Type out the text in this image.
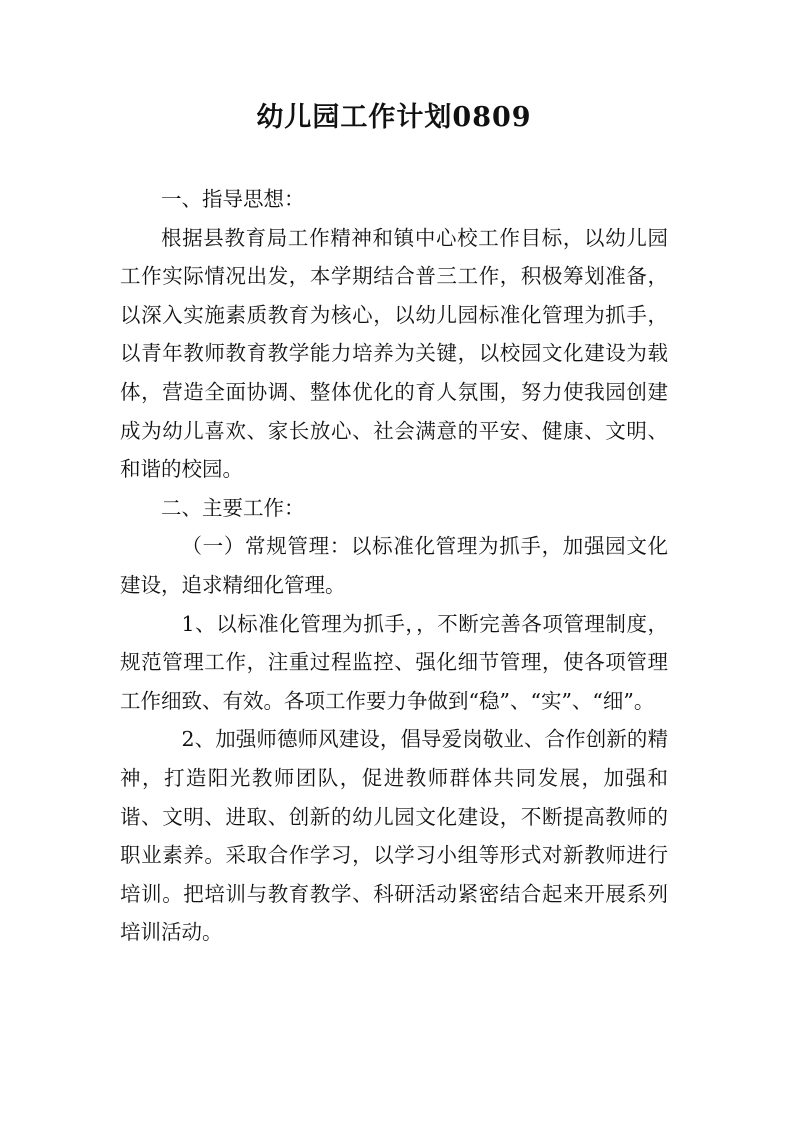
幼儿园工作计划0809

一、指导思想：

根据县教育局工作精神和镇中心校工作目标，以幼儿园工作实际情况出发，本学期结合普三工作，积极筹划准备，以深入实施素质教育为核心，以幼儿园标准化管理为抓手，以青年教师教育教学能力培养为关键，以校园文化建设为载体，营造全面协调、整体优化的育人氛围，努力使我园创建成为幼儿喜欢、家长放心、社会满意的平安、健康、文明、和谐的校园。

二、主要工作：

（一）常规管理：以标准化管理为抓手，加强园文化建设，追求精细化管理。

1、以标准化管理为抓手，，不断完善各项管理制度，规范管理工作，注重过程监控、强化细节管理，使各项管理工作细致、有效。各项工作要力争做到“稳”、“实”、“细”。

2、加强师德师风建设，倡导爱岗敬业、合作创新的精神，打造阳光教师团队，促进教师群体共同发展，加强和谐、文明、进取、创新的幼儿园文化建设，不断提高教师的职业素养。采取合作学习，以学习小组等形式对新教师进行培训。把培训与教育教学、科研活动紧密结合起来开展系列培训活动。
